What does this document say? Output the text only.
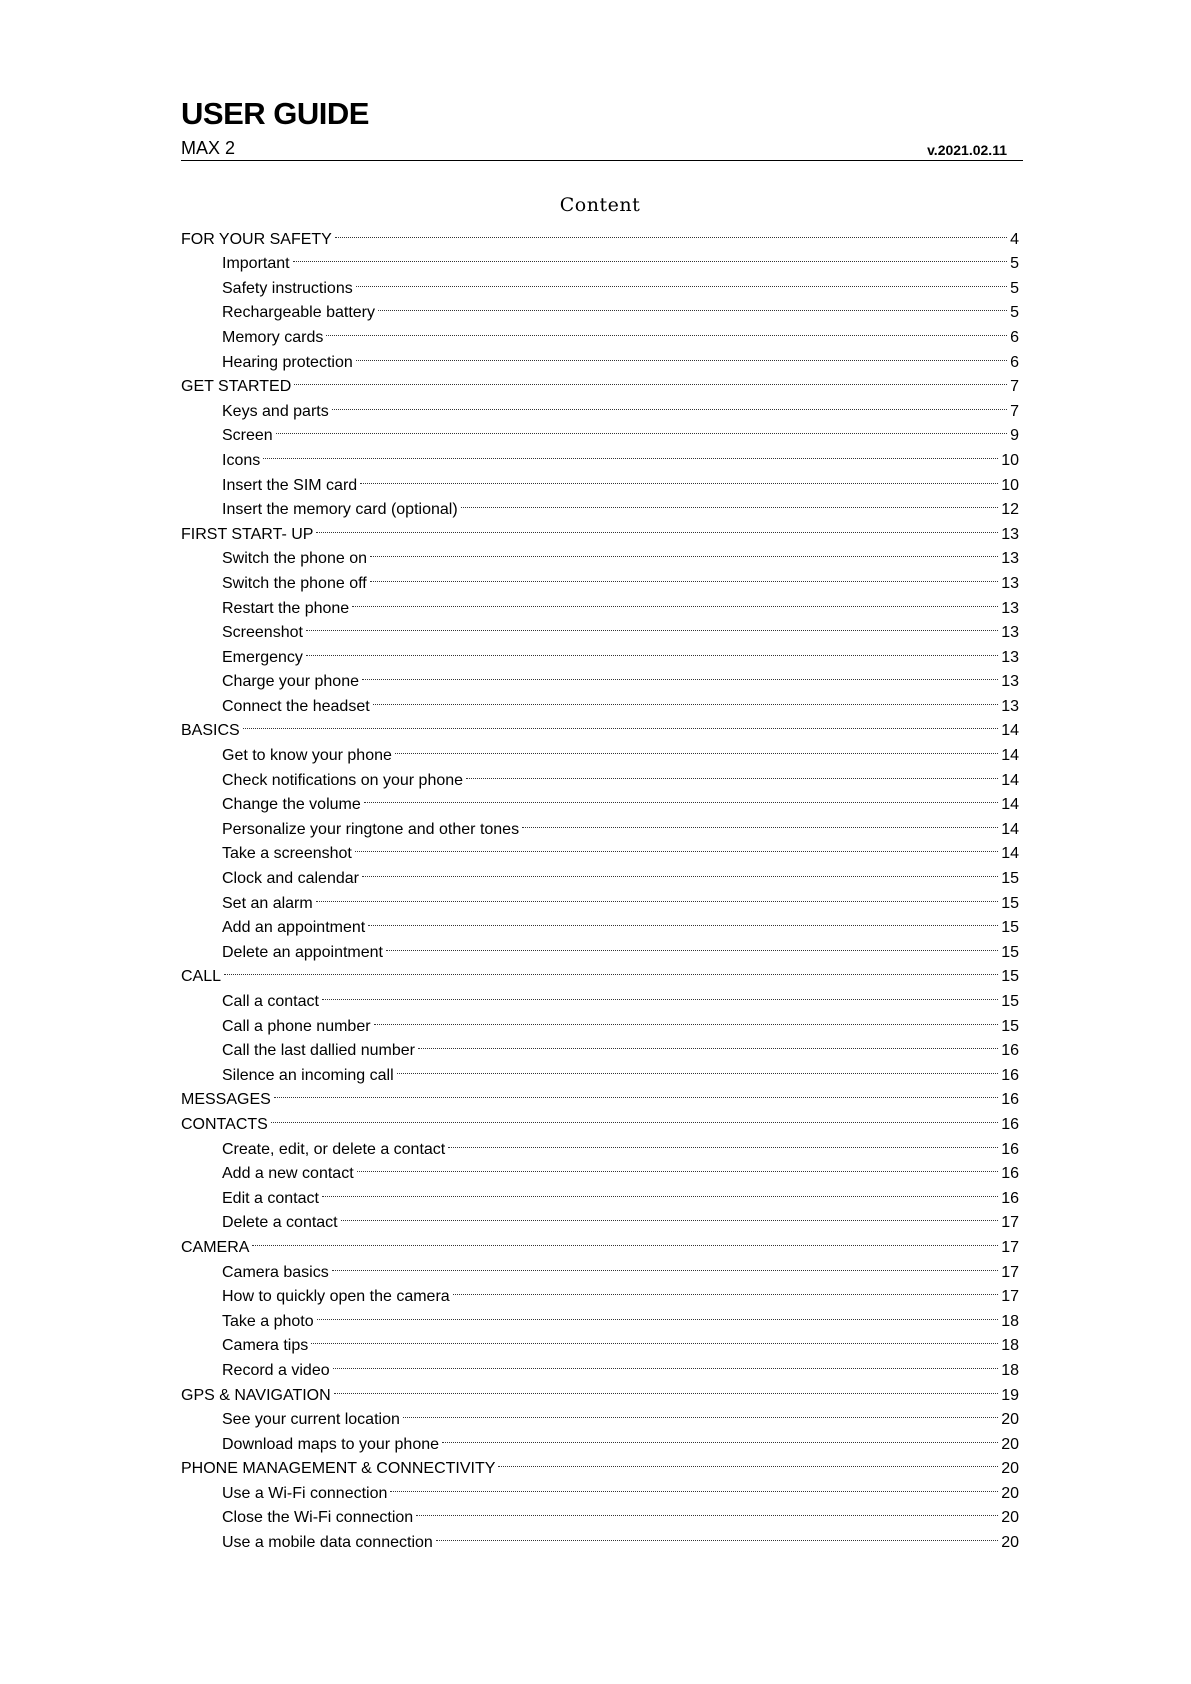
USER GUIDE
MAX 2	v.2021.02.11
Content
FOR YOUR SAFETY	4
Important	5
Safety instructions	5
Rechargeable battery	5
Memory cards	6
Hearing protection	6
GET STARTED	7
Keys and parts	7
Screen	9
Icons	10
Insert the SIM card	10
Insert the memory card (optional)	12
FIRST START- UP	13
Switch the phone on	13
Switch the phone off	13
Restart the phone	13
Screenshot	13
Emergency	13
Charge your phone	13
Connect the headset	13
BASICS	14
Get to know your phone	14
Check notifications on your phone	14
Change the volume	14
Personalize your ringtone and other tones	14
Take a screenshot	14
Clock and calendar	15
Set an alarm	15
Add an appointment	15
Delete an appointment	15
CALL	15
Call a contact	15
Call a phone number	15
Call the last dallied number	16
Silence an incoming call	16
MESSAGES	16
CONTACTS	16
Create, edit, or delete a contact	16
Add a new contact	16
Edit a contact	16
Delete a contact	17
CAMERA	17
Camera basics	17
How to quickly open the camera	17
Take a photo	18
Camera tips	18
Record a video	18
GPS & NAVIGATION	19
See your current location	20
Download maps to your phone	20
PHONE MANAGEMENT & CONNECTIVITY	20
Use a Wi-Fi connection	20
Close the Wi-Fi connection	20
Use a mobile data connection	20
